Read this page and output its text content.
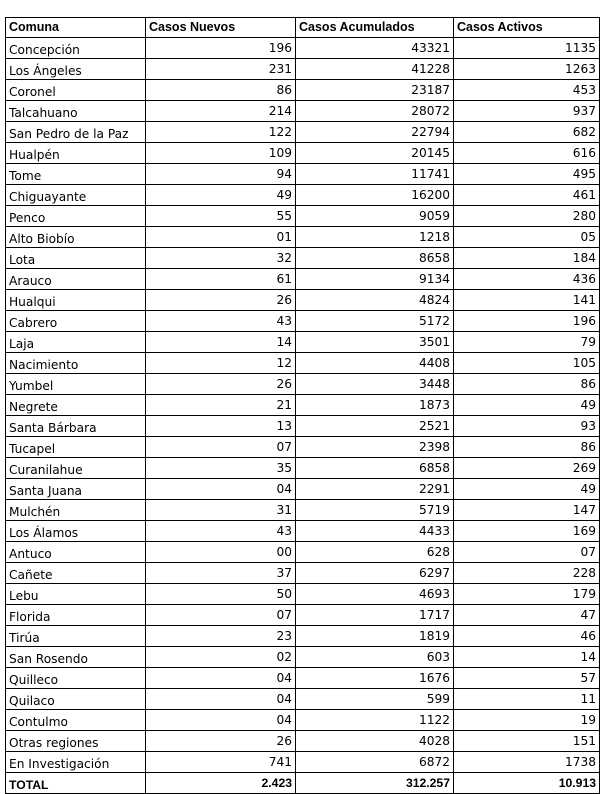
Comuna	Casos Nuevos	Casos Acumulados	Casos Activos
Concepción	196	43321	1135
Los Ángeles	231	41228	1263
Coronel	86	23187	453
Talcahuano	214	28072	937
San Pedro de la Paz	122	22794	682
Hualpén	109	20145	616
Tome	94	11741	495
Chiguayante	49	16200	461
Penco	55	9059	280
Alto Biobío	01	1218	05
Lota	32	8658	184
Arauco	61	9134	436
Hualqui	26	4824	141
Cabrero	43	5172	196
Laja	14	3501	79
Nacimiento	12	4408	105
Yumbel	26	3448	86
Negrete	21	1873	49
Santa Bárbara	13	2521	93
Tucapel	07	2398	86
Curanilahue	35	6858	269
Santa Juana	04	2291	49
Mulchén	31	5719	147
Los Álamos	43	4433	169
Antuco	00	628	07
Cañete	37	6297	228
Lebu	50	4693	179
Florida	07	1717	47
Tirúa	23	1819	46
San Rosendo	02	603	14
Quilleco	04	1676	57
Quilaco	04	599	11
Contulmo	04	1122	19
Otras regiones	26	4028	151
En Investigación	741	6872	1738
TOTAL	2.423	312.257	10.913
